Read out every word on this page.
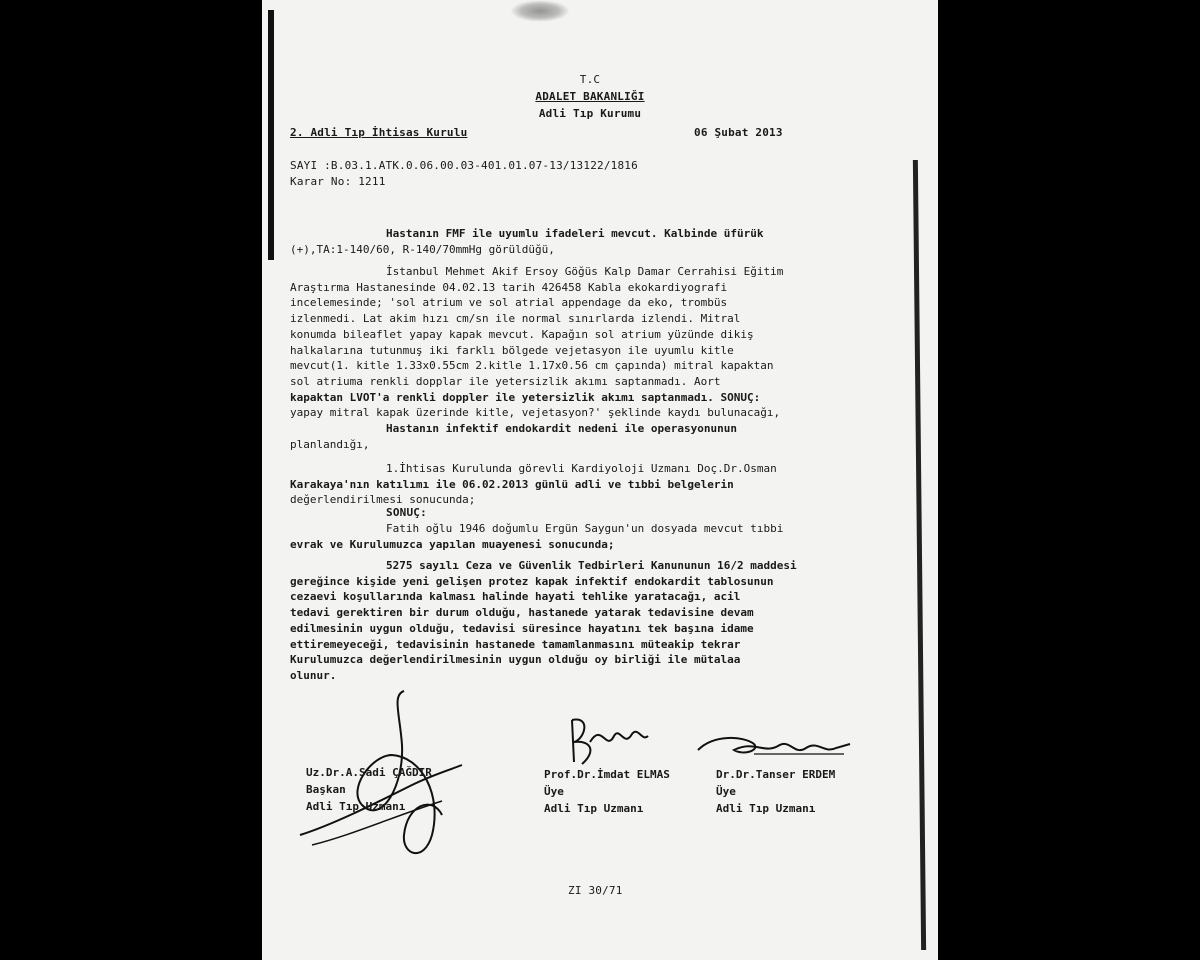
T.C
ADALET BAKANLIĞI
Adli Tıp Kurumu
2. Adli Tıp İhtisas Kurulu	06 Şubat 2013
SAYI :B.03.1.ATK.0.06.00.03-401.01.07-13/13122/1816
Karar No: 1211
Hastanın FMF ile uyumlu ifadeleri mevcut. Kalbinde üfürük
(+),TA:1-140/60, R-140/70mmHg görüldüğü,
İstanbul Mehmet Akif Ersoy Göğüs Kalp Damar Cerrahisi Eğitim
Araştırma Hastanesinde 04.02.13 tarih 426458 Kabla ekokardiyografi
incelemesinde; 'sol atrium ve sol atrial appendage da eko, trombüs
izlenmedi. Lat akim hızı cm/sn ile normal sınırlarda izlendi. Mitral
konumda bileaflet yapay kapak mevcut. Kapağın sol atrium yüzünde dikiş
halkalarına tutunmuş iki farklı bölgede vejetasyon ile uyumlu kitle
mevcut(1. kitle 1.33x0.55cm 2.kitle 1.17x0.56 cm çapında) mitral kapaktan
sol atriuma renkli dopplar ile yetersizlik akımı saptanmadı. Aort
kapaktan LVOT'a renkli doppler ile yetersizlik akımı saptanmadı. SONUÇ:
yapay mitral kapak üzerinde kitle, vejetasyon?' şeklinde kaydı bulunacağı,
Hastanın infektif endokardit nedeni ile operasyonunun
planlandığı,
1.İhtisas Kurulunda görevli Kardiyoloji Uzmanı Doç.Dr.Osman
Karakaya'nın katılımı ile 06.02.2013 günlü adli ve tıbbi belgelerin
değerlendirilmesi sonucunda;
SONUÇ:
Fatih oğlu 1946 doğumlu Ergün Saygun'un dosyada mevcut tıbbi
evrak ve Kurulumuzca yapılan muayenesi sonucunda;
5275 sayılı Ceza ve Güvenlik Tedbirleri Kanununun 16/2 maddesi
gereğince kişide yeni gelişen protez kapak infektif endokardit tablosunun
cezaevi koşullarında kalması halinde hayati tehlike yaratacağı, acil
tedavi gerektiren bir durum olduğu, hastanede yatarak tedavisine devam
edilmesinin uygun olduğu, tedavisi süresince hayatını tek başına idame
ettiremeyeceği, tedavisinin hastanede tamamlanmasını müteakip tekrar
Kurulumuzca değerlendirilmesinin uygun olduğu oy birliği ile mütalaa
olunur.
Uz.Dr.A.Sadi ÇAĞDIR
Başkan
Adli Tıp Uzmanı
Prof.Dr.İmdat ELMAS
Üye
Adli Tıp Uzmanı
Dr.Dr.Tanser ERDEM
Üye
Adli Tıp Uzmanı
ZI 30/71
